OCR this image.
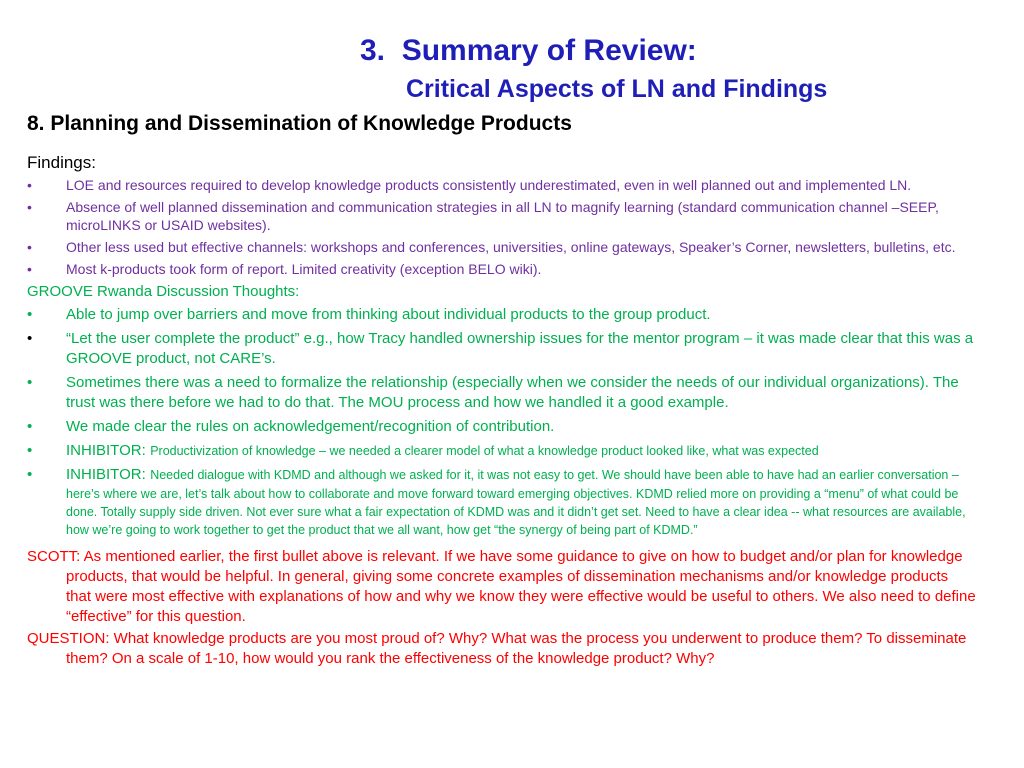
3.  Summary of Review:
Critical Aspects of LN and Findings
8. Planning and Dissemination of Knowledge Products
Findings:
•	LOE and resources required to develop knowledge products consistently underestimated, even in well planned out and implemented LN.
•	Absence of well planned dissemination and communication strategies in all LN to magnify learning (standard communication channel –SEEP, microLINKS or USAID websites).
•	Other less used but effective channels: workshops and conferences, universities, online gateways, Speaker’s Corner, newsletters, bulletins, etc.
•	Most k-products took form of report. Limited creativity (exception BELO wiki).
GROOVE Rwanda Discussion Thoughts:
•	Able to jump over barriers and move from thinking about individual products to the group product.
•	“Let the user complete the product” e.g., how Tracy handled ownership issues for the mentor program – it was made clear that this was a GROOVE product, not CARE’s.
•	Sometimes there was a need to formalize the relationship (especially when we consider the needs of our individual organizations). The trust was there before we had to do that. The MOU process and how we handled it a good example.
•	We made clear the rules on acknowledgement/recognition of contribution.
•	INHIBITOR: Productivization of knowledge – we needed a clearer model of what a knowledge product looked like, what was expected
•	INHIBITOR: Needed dialogue with KDMD and although we asked for it, it was not easy to get. We should have been able to have had an earlier conversation – here’s where we are, let’s talk about how to collaborate and move forward toward emerging objectives. KDMD relied more on providing a “menu” of what could be done. Totally supply side driven. Not ever sure what a fair expectation of KDMD was and it didn’t get set. Need to have a clear idea -- what resources are available, how we’re going to work together to get the product that we all want, how get “the synergy of being part of KDMD.”
SCOTT: As mentioned earlier, the first bullet above is relevant. If we have some guidance to give on how to budget and/or plan for knowledge products, that would be helpful. In general, giving some concrete examples of dissemination mechanisms and/or knowledge products that were most effective with explanations of how and why we know they were effective would be useful to others. We also need to define “effective” for this question.
QUESTION: What knowledge products are you most proud of? Why? What was the process you underwent to produce them? To disseminate them? On a scale of 1-10, how would you rank the effectiveness of the knowledge product? Why?
